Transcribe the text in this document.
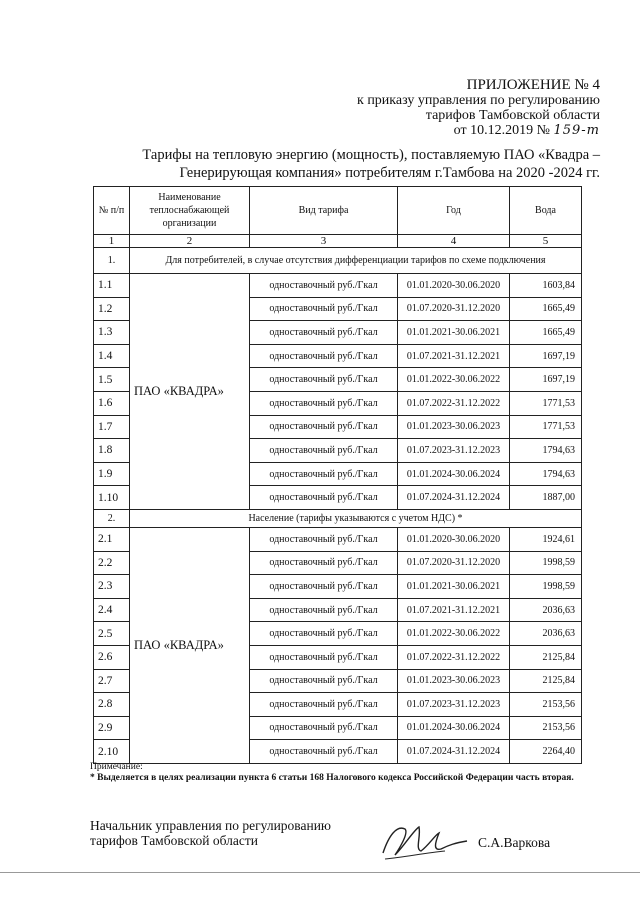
ПРИЛОЖЕНИЕ № 4
к приказу управления по регулированию
тарифов Тамбовской области
от 10.12.2019 № 159-т
Тарифы на тепловую энергию (мощность), поставляемую ПАО «Квадра –
Генерирующая компания» потребителям г.Тамбова на 2020 -2024 гг.
№ п/п	Наименование теплоснабжающей организации	Вид тарифа	Год	Вода
1	2	3	4	5
1.	Для потребителей, в случае отсутствия дифференциации тарифов по схеме подключения			
1.1	ПАО «КВАДРА»	одноставочный руб./Гкал	01.01.2020-30.06.2020	1603,84
1.2		одноставочный руб./Гкал	01.07.2020-31.12.2020	1665,49
1.3		одноставочный руб./Гкал	01.01.2021-30.06.2021	1665,49
1.4		одноставочный руб./Гкал	01.07.2021-31.12.2021	1697,19
1.5		одноставочный руб./Гкал	01.01.2022-30.06.2022	1697,19
1.6		одноставочный руб./Гкал	01.07.2022-31.12.2022	1771,53
1.7		одноставочный руб./Гкал	01.01.2023-30.06.2023	1771,53
1.8		одноставочный руб./Гкал	01.07.2023-31.12.2023	1794,63
1.9		одноставочный руб./Гкал	01.01.2024-30.06.2024	1794,63
1.10		одноставочный руб./Гкал	01.07.2024-31.12.2024	1887,00
2.	Население (тарифы указываются с учетом НДС) *			
2.1	ПАО «КВАДРА»	одноставочный руб./Гкал	01.01.2020-30.06.2020	1924,61
2.2		одноставочный руб./Гкал	01.07.2020-31.12.2020	1998,59
2.3		одноставочный руб./Гкал	01.01.2021-30.06.2021	1998,59
2.4		одноставочный руб./Гкал	01.07.2021-31.12.2021	2036,63
2.5		одноставочный руб./Гкал	01.01.2022-30.06.2022	2036,63
2.6		одноставочный руб./Гкал	01.07.2022-31.12.2022	2125,84
2.7		одноставочный руб./Гкал	01.01.2023-30.06.2023	2125,84
2.8		одноставочный руб./Гкал	01.07.2023-31.12.2023	2153,56
2.9		одноставочный руб./Гкал	01.01.2024-30.06.2024	2153,56
2.10		одноставочный руб./Гкал	01.07.2024-31.12.2024	2264,40
Примечание:
* Выделяется в целях реализации пункта 6 статьи 168 Налогового кодекса Российской Федерации часть вторая.
Начальник управления по регулированию
тарифов Тамбовской области	С.А.Варкова
